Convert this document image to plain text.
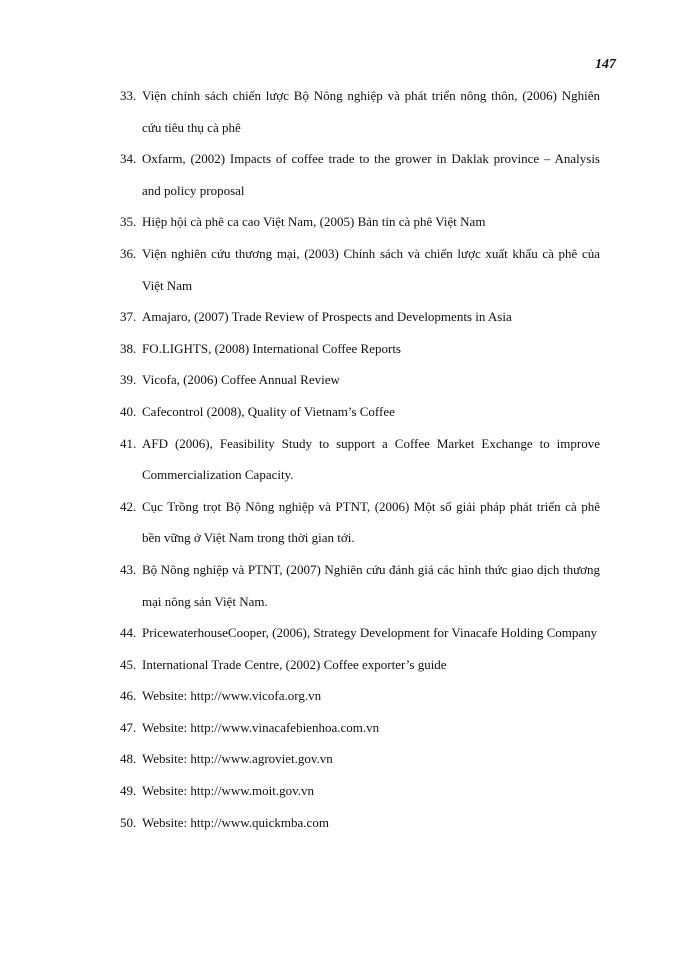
147
33. Viện chính sách chiến lược Bộ Nông nghiệp và phát triển nông thôn, (2006) Nghiên cứu tiêu thụ cà phê
34. Oxfarm, (2002) Impacts of coffee trade to the grower in Daklak province – Analysis and policy proposal
35. Hiệp hội cà phê ca cao Việt Nam, (2005) Bản tin cà phê Việt Nam
36. Viện nghiên cứu thương mại, (2003) Chính sách và chiến lược xuất khẩu cà phê của Việt Nam
37. Amajaro, (2007) Trade Review of Prospects and Developments in Asia
38. FO.LIGHTS, (2008) International Coffee Reports
39. Vicofa, (2006) Coffee Annual Review
40. Cafecontrol (2008), Quality of Vietnam’s Coffee
41. AFD (2006), Feasibility Study to support a Coffee Market Exchange to improve Commercialization Capacity.
42. Cục Trồng trọt Bộ Nông nghiệp và PTNT, (2006) Một số giải pháp phát triển cà phê bền vững ở Việt Nam trong thời gian tới.
43. Bộ Nông nghiệp và PTNT, (2007) Nghiên cứu đánh giá các hình thức giao dịch thương mại nông sản Việt Nam.
44. PricewaterhouseCooper, (2006), Strategy Development for Vinacafe Holding Company
45. International Trade Centre, (2002) Coffee exporter’s guide
46. Website: http://www.vicofa.org.vn
47. Website: http://www.vinacafebienhoa.com.vn
48. Website: http://www.agroviet.gov.vn
49. Website: http://www.moit.gov.vn
50. Website: http://www.quickmba.com
